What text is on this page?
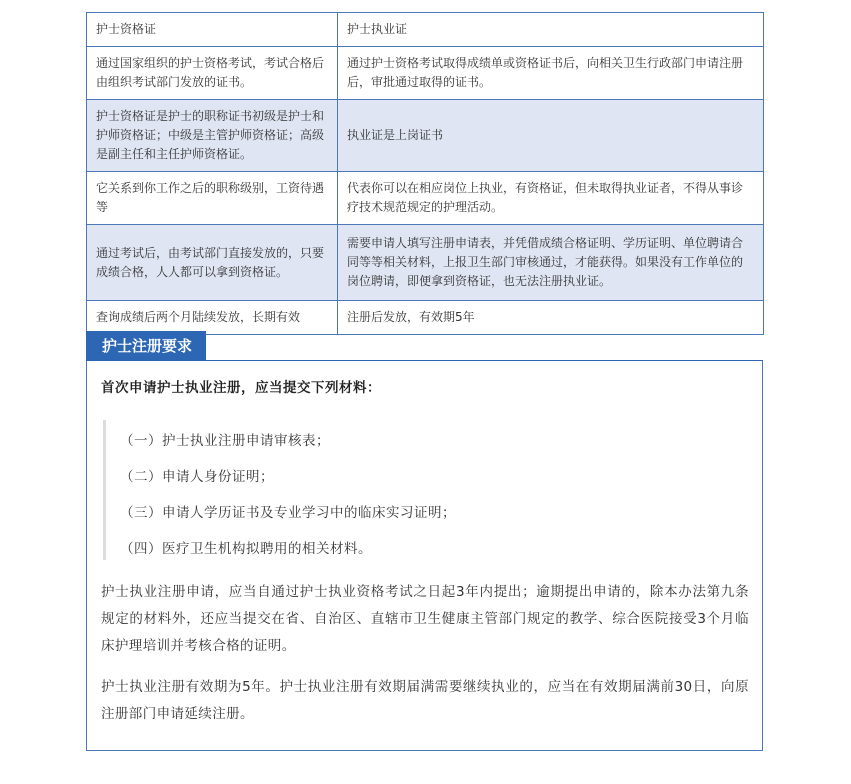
护士资格证	护士执业证
通过国家组织的护士资格考试，考试合格后由组织考试部门发放的证书。	通过护士资格考试取得成绩单或资格证书后，向相关卫生行政部门申请注册后，审批通过取得的证书。
护士资格证是护士的职称证书初级是护士和护师资格证；中级是主管护师资格证；高级是副主任和主任护师资格证。	执业证是上岗证书
它关系到你工作之后的职称级别，工资待遇等	代表你可以在相应岗位上执业，有资格证，但未取得执业证者，不得从事诊疗技术规范规定的护理活动。
通过考试后，由考试部门直接发放的，只要成绩合格，人人都可以拿到资格证。	需要申请人填写注册申请表，并凭借成绩合格证明、学历证明、单位聘请合同等等相关材料，上报卫生部门审核通过，才能获得。如果没有工作单位的岗位聘请，即便拿到资格证，也无法注册执业证。
查询成绩后两个月陆续发放，长期有效	注册后发放，有效期5年
护士注册要求
首次申请护士执业注册，应当提交下列材料：
（一）护士执业注册申请审核表；
（二）申请人身份证明；
（三）申请人学历证书及专业学习中的临床实习证明；
（四）医疗卫生机构拟聘用的相关材料。
护士执业注册申请，应当自通过护士执业资格考试之日起3年内提出；逾期提出申请的，除本办法第九条规定的材料外，还应当提交在省、自治区、直辖市卫生健康主管部门规定的教学、综合医院接受3个月临床护理培训并考核合格的证明。
护士执业注册有效期为5年。护士执业注册有效期届满需要继续执业的，应当在有效期届满前30日，向原注册部门申请延续注册。
